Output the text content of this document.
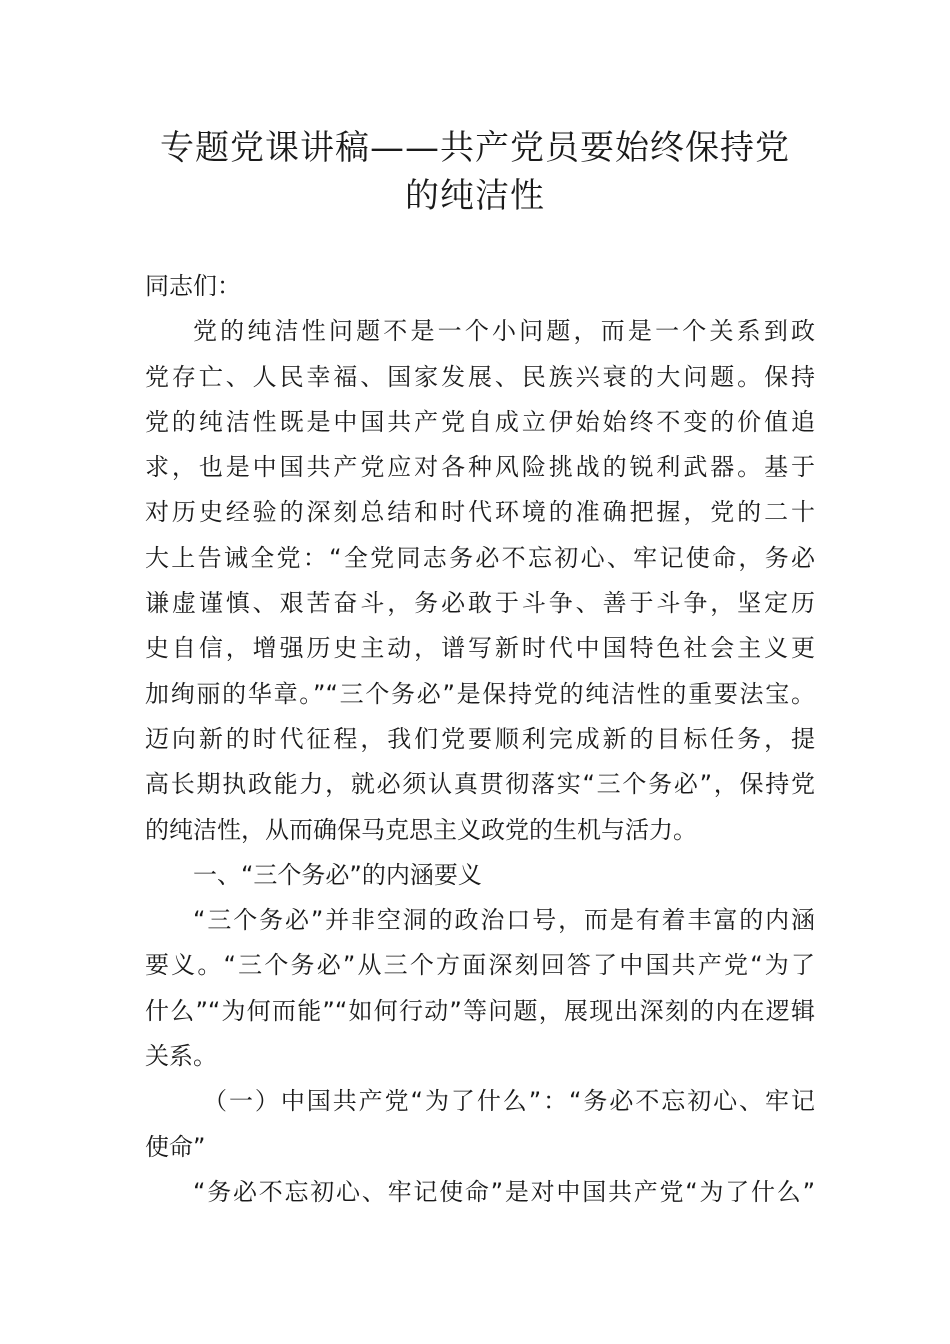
专题党课讲稿——共产党员要始终保持党
的纯洁性
同志们：
党的纯洁性问题不是一个小问题，而是一个关系到政
党存亡、人民幸福、国家发展、民族兴衰的大问题。保持
党的纯洁性既是中国共产党自成立伊始始终不变的价值追
求，也是中国共产党应对各种风险挑战的锐利武器。基于
对历史经验的深刻总结和时代环境的准确把握，党的二十
大上告诫全党：“全党同志务必不忘初心、牢记使命，务必
谦虚谨慎、艰苦奋斗，务必敢于斗争、善于斗争，坚定历
史自信，增强历史主动，谱写新时代中国特色社会主义更
加绚丽的华章。”“三个务必”是保持党的纯洁性的重要法宝。
迈向新的时代征程，我们党要顺利完成新的目标任务，提
高长期执政能力，就必须认真贯彻落实“三个务必”，保持党
的纯洁性，从而确保马克思主义政党的生机与活力。
一、“三个务必”的内涵要义
“三个务必”并非空洞的政治口号，而是有着丰富的内涵
要义。“三个务必”从三个方面深刻回答了中国共产党“为了
什么”“为何而能”“如何行动”等问题，展现出深刻的内在逻辑
关系。
（一）中国共产党“为了什么”：“务必不忘初心、牢记
使命”
“务必不忘初心、牢记使命”是对中国共产党“为了什么”
